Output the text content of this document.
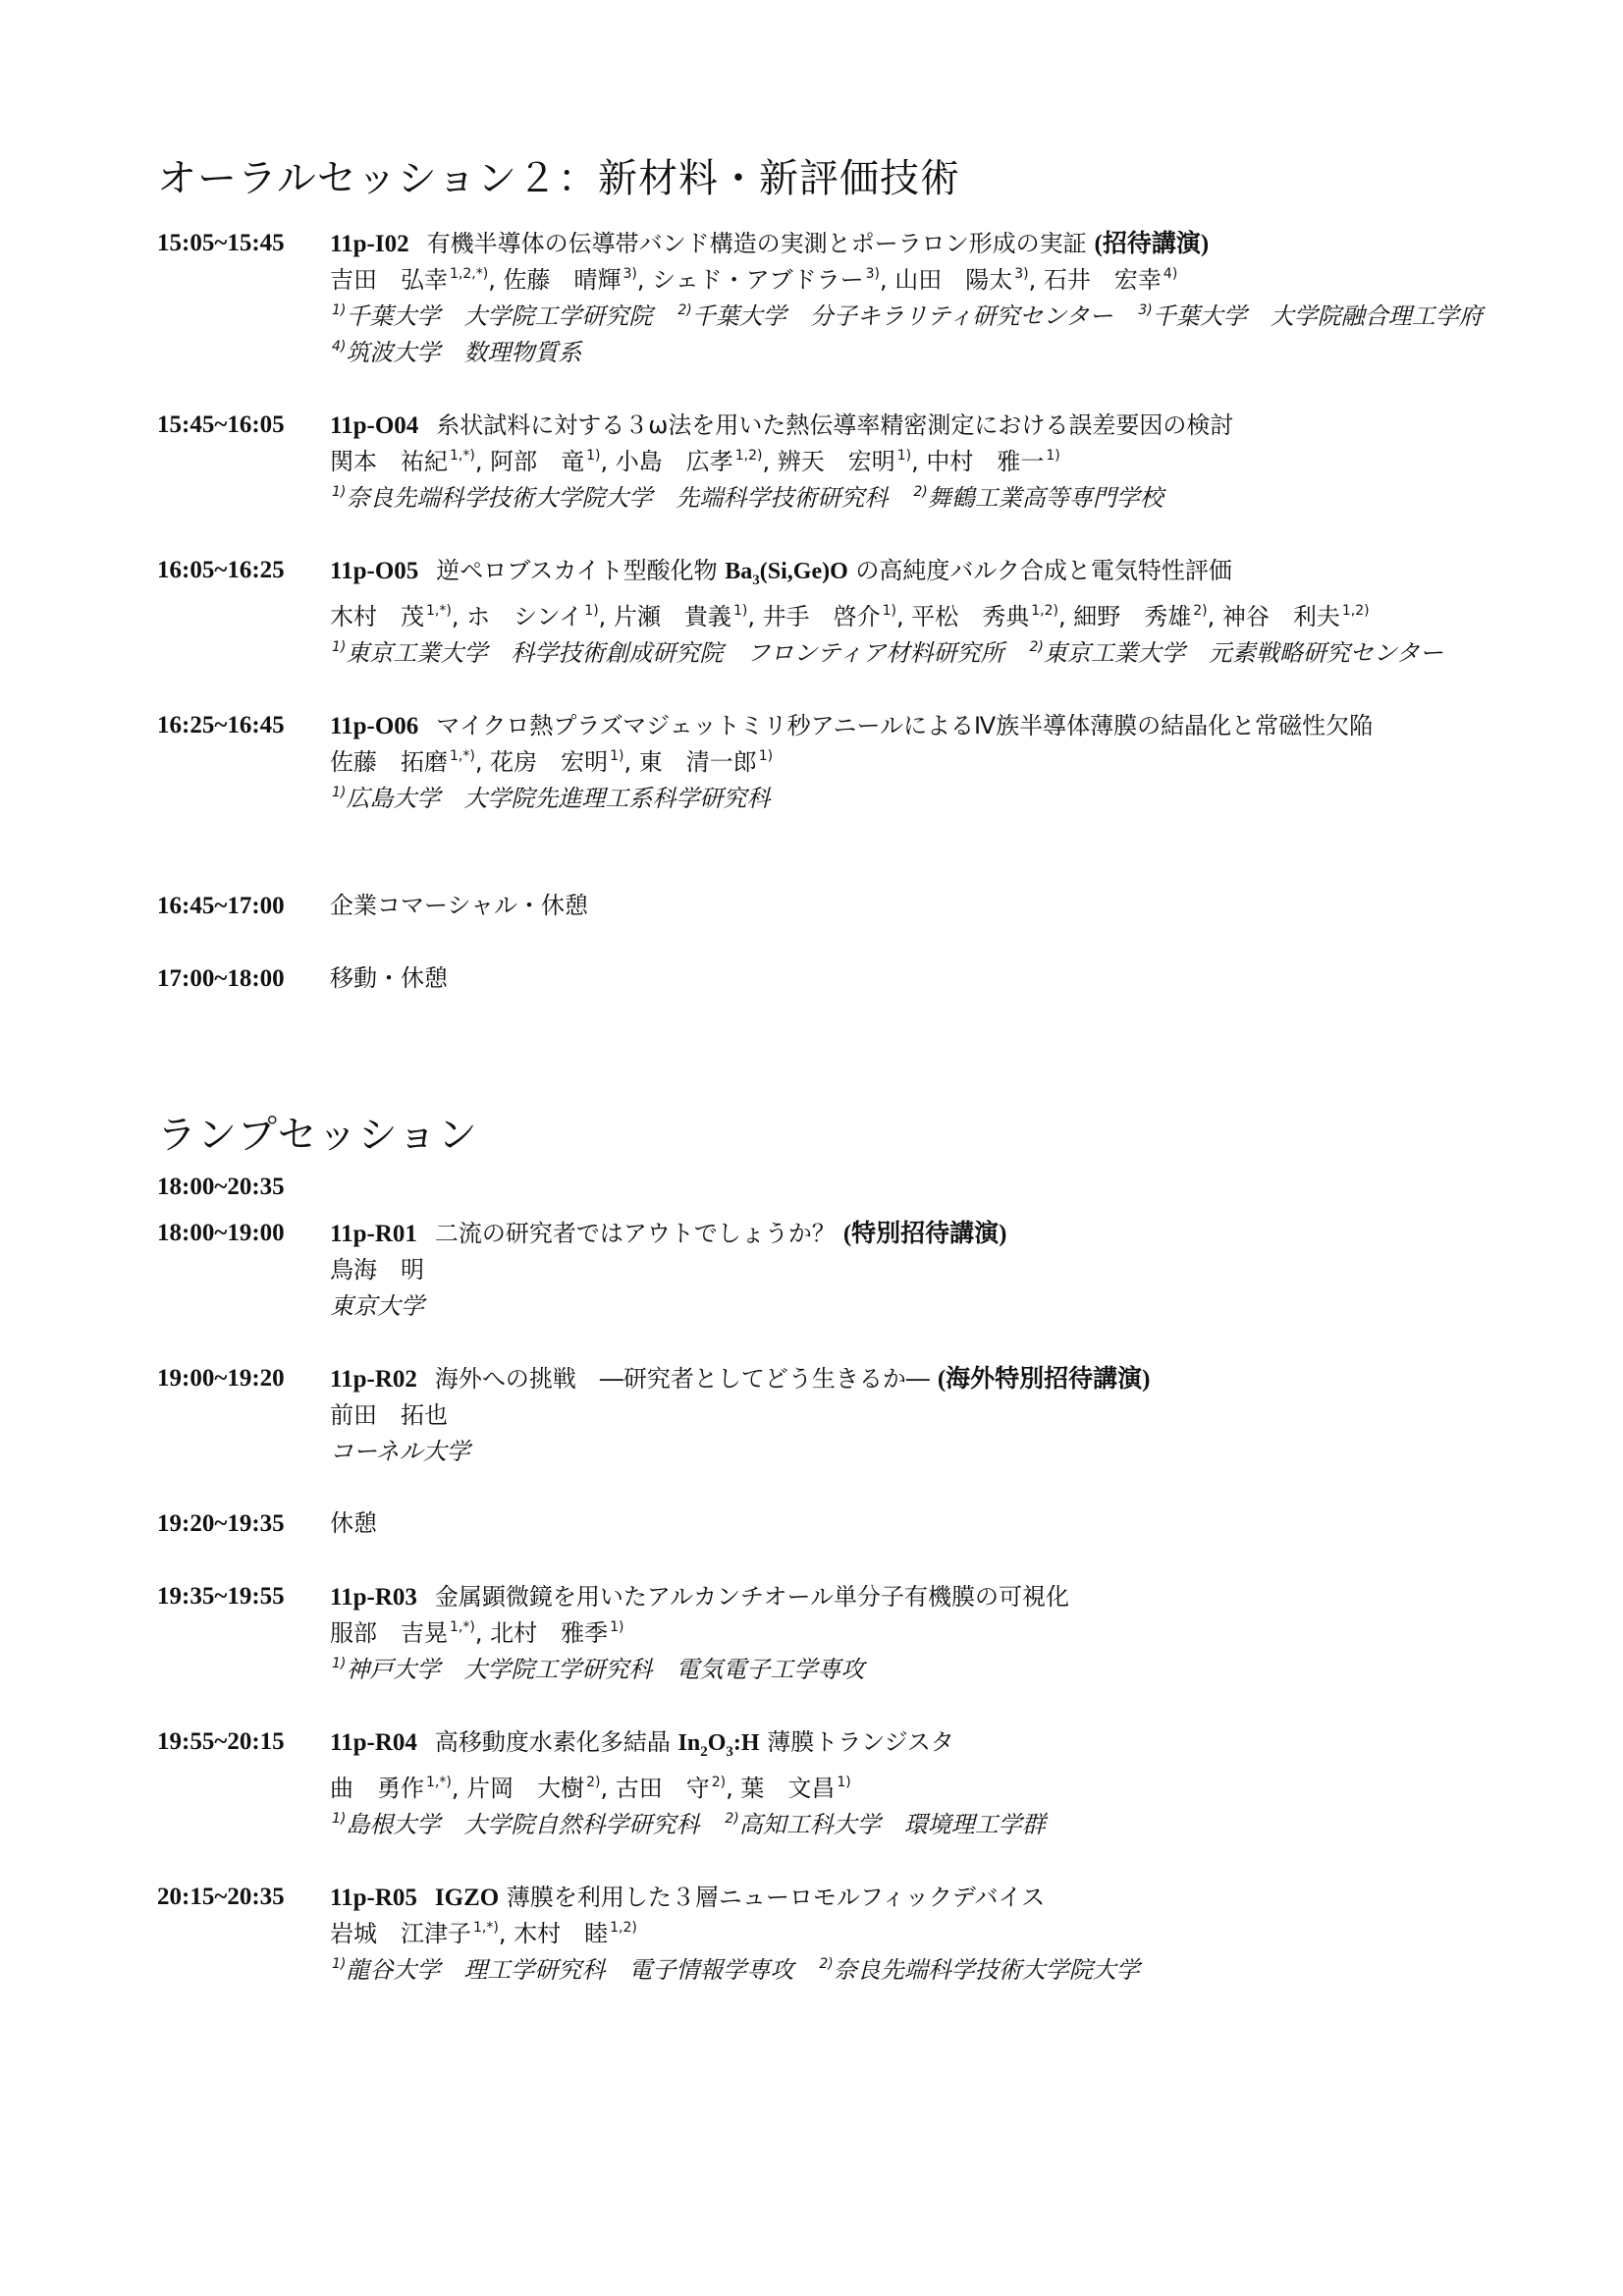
オーラルセッション２：新材料・新評価技術
15:05~15:45	11p-I02 有機半導体の伝導帯バンド構造の実測とポーラロン形成の実証 (招待講演)
吉田　弘幸 $^{1,2,*)}$, 佐藤　晴輝 $^{3)}$, シェド・アブドラー $^{3)}$, 山田　陽太 $^{3)}$, 石井　宏幸 $^{4)}$
$^{1)}$千葉大学　大学院工学研究院　 $^{2)}$千葉大学　分子キラリティ研究センター　 $^{3)}$千葉大学　大学院融合理工学府　$^{4)}$筑波大学　数理物質系
15:45~16:05	11p-O04 糸状試料に対する３ω法を用いた熱伝導率精密測定における誤差要因の検討
関本　祐紀 $^{1,*)}$, 阿部　竜 $^{1)}$, 小島　広孝 $^{1,2)}$, 辨天　宏明 $^{1)}$, 中村　雅一 $^{1)}$
$^{1)}$奈良先端科学技術大学院大学　先端科学技術研究科　 $^{2)}$舞鶴工業高等専門学校
16:05~16:25	11p-O05 逆ペロブスカイト型酸化物 $Ba_3(Si,Ge)O$ の高純度バルク合成と電気特性評価
木村　茂 $^{1,*)}$, ホ　シンイ $^{1)}$, 片瀬　貴義 $^{1)}$, 井手　啓介 $^{1)}$, 平松　秀典 $^{1,2)}$, 細野　秀雄 $^{2)}$, 神谷　利夫 $^{1,2)}$
$^{1)}$東京工業大学　科学技術創成研究院　フロンティア材料研究所　 $^{2)}$東京工業大学　元素戦略研究センター
16:25~16:45	11p-O06 マイクロ熱プラズマジェットミリ秒アニールによるⅣ族半導体薄膜の結晶化と常磁性欠陥
佐藤　拓磨 $^{1,*)}$, 花房　宏明 $^{1)}$, 東　清一郎 $^{1)}$
$^{1)}$広島大学　大学院先進理工系科学研究科
16:45~17:00	企業コマーシャル・休憩
17:00~18:00	移動・休憩
ランプセッション
18:00~20:35
18:00~19:00	11p-R01 二流の研究者ではアウトでしょうか？ (特別招待講演)
鳥海　明
東京大学
19:00~19:20	11p-R02 海外への挑戦　―研究者としてどう生きるか― (海外特別招待講演)
前田　拓也
コーネル大学
19:20~19:35	休憩
19:35~19:55	11p-R03 金属顕微鏡を用いたアルカンチオール単分子有機膜の可視化
服部　吉晃 $^{1,*)}$, 北村　雅季 $^{1)}$
$^{1)}$神戸大学　大学院工学研究科　電気電子工学専攻
19:55~20:15	11p-R04 高移動度水素化多結晶 $In_2O_3:H$ 薄膜トランジスタ
曲　勇作 $^{1,*)}$, 片岡　大樹 $^{2)}$, 古田　守 $^{2)}$, 葉　文昌 $^{1)}$
$^{1)}$島根大学　大学院自然科学研究科　 $^{2)}$高知工科大学　環境理工学群
20:15~20:35	11p-R05 IGZO 薄膜を利用した３層ニューロモルフィックデバイス
岩城　江津子 $^{1,*)}$, 木村　睦 $^{1,2)}$
$^{1)}$龍谷大学　理工学研究科　電子情報学専攻　 $^{2)}$奈良先端科学技術大学院大学
